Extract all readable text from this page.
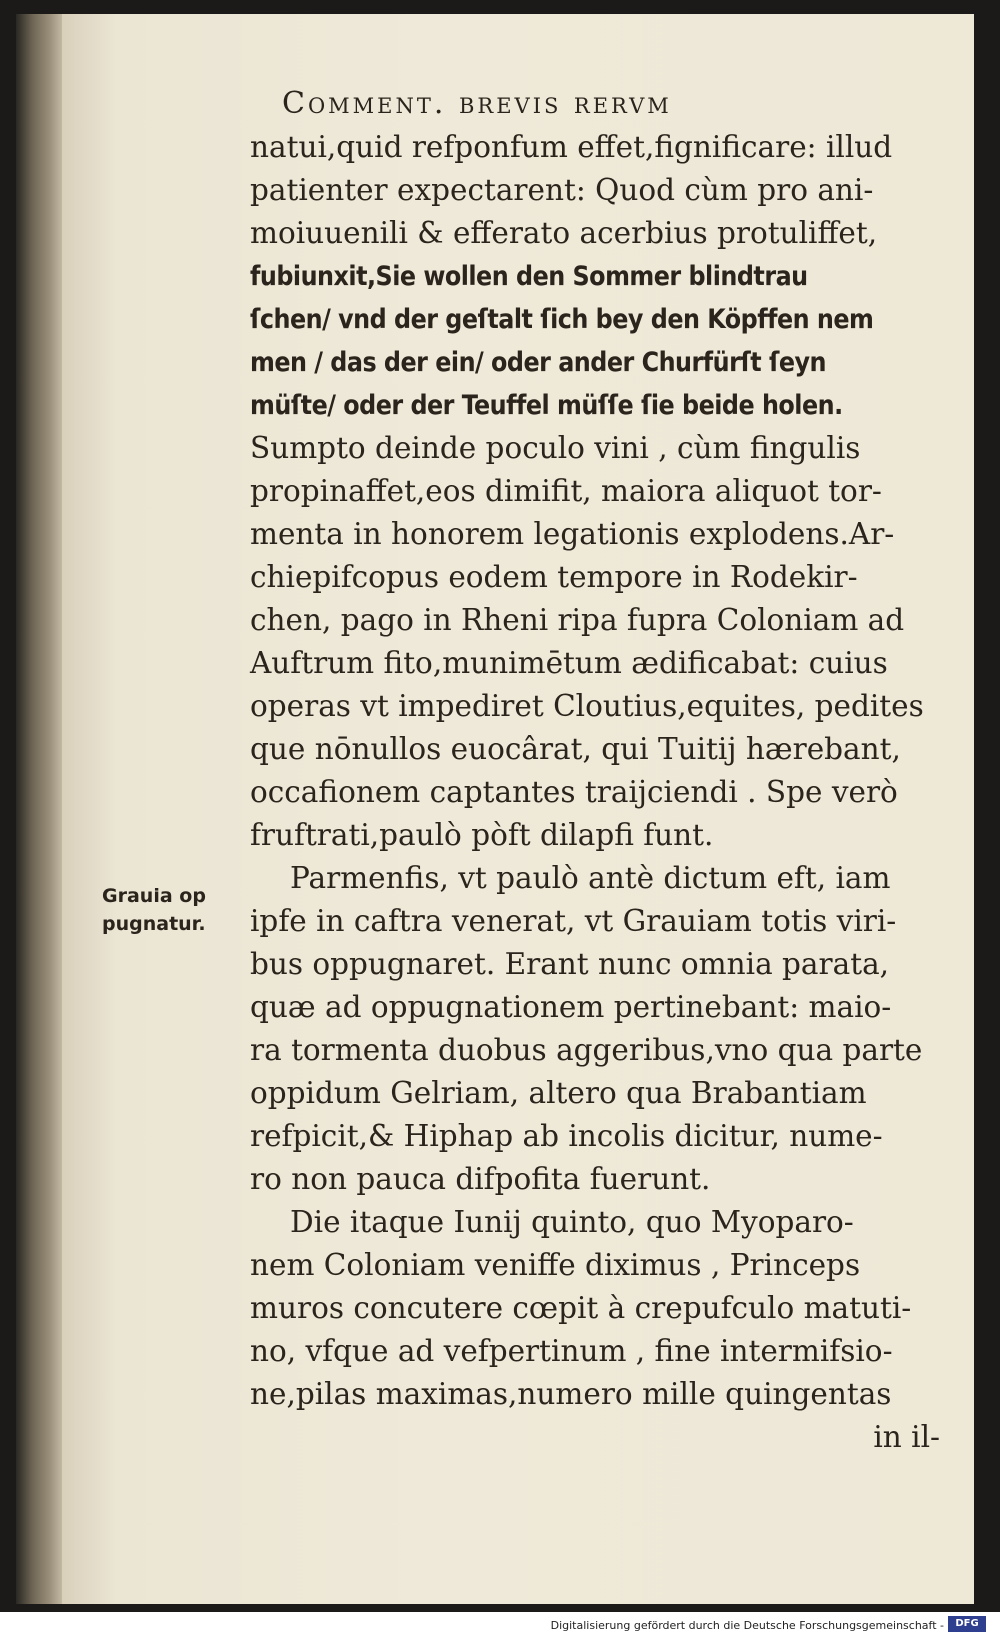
Comment. brevis rervm
natui,quid refponfum effet,fignificare: illud
patienter expectarent: Quod cùm pro ani-
moiuuenili & efferato acerbius protuliffet,
fubiunxit,Sie wollen den Sommer blindtrau
ſchen/ vnd der geſtalt ſich bey den Köpffen nem
men / das der ein/ oder ander Churfürſt ſeyn
müſte/ oder der Teuffel müſſe ſie beide holen.
Sumpto deinde poculo vini , cùm fingulis
propinaffet,eos dimifit, maiora aliquot tor-
menta in honorem legationis explodens.Ar-
chiepifcopus eodem tempore in Rodekir-
chen, pago in Rheni ripa fupra Coloniam ad
Auftrum fito,munimētum ædificabat: cuius
operas vt impediret Cloutius,equites, pedites
que nōnullos euocârat, qui Tuitij hærebant,
occafionem captantes traijciendi . Spe verò
fruftrati,paulò pòft dilapfi funt.
Parmenfis, vt paulò antè dictum eft, iam
ipfe in caftra venerat, vt Grauiam totis viri-
bus oppugnaret. Erant nunc omnia parata,
quæ ad oppugnationem pertinebant: maio-
ra tormenta duobus aggeribus,vno qua parte
oppidum Gelriam, altero qua Brabantiam
refpicit,& Hiphap ab incolis dicitur, nume-
ro non pauca difpofita fuerunt.
Die itaque Iunij quinto, quo Myoparo-
nem Coloniam veniffe diximus , Princeps
muros concutere cœpit à crepufculo matuti-
no, vfque ad vefpertinum , fine intermifsio-
ne,pilas maximas,numero mille quingentas
in il-
Grauia op
pugnatur.
Digitalisierung gefördert durch die Deutsche Forschungsgemeinschaft -	DFG
